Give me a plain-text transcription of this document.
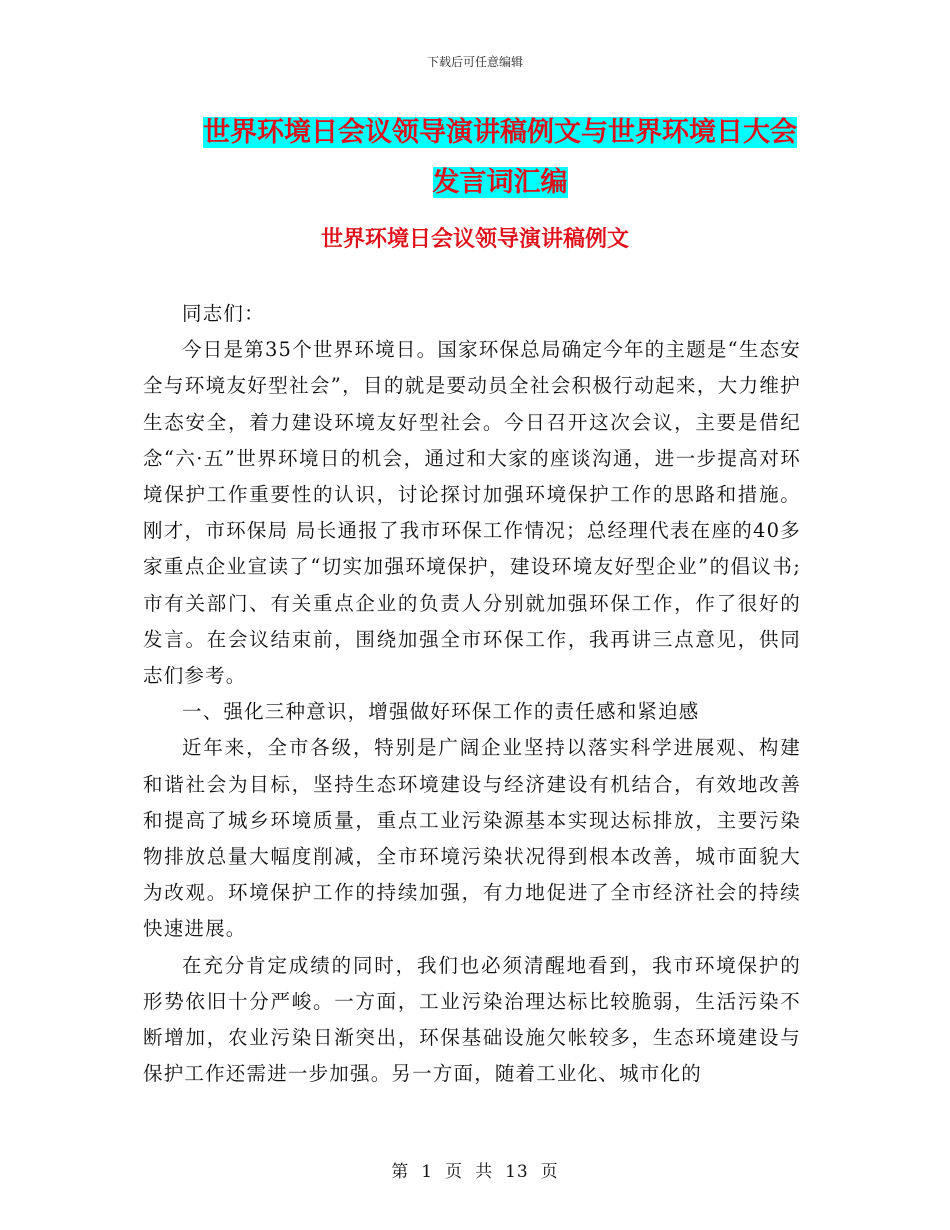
下载后可任意编辑
世界环境日会议领导演讲稿例文与世界环境日大会发言词汇编
世界环境日会议领导演讲稿例文

同志们：

今日是第35个世界环境日。国家环保总局确定今年的主题是“生态安全与环境友好型社会”，目的就是要动员全社会积极行动起来，大力维护生态安全，着力建设环境友好型社会。今日召开这次会议，主要是借纪念“六·五”世界环境日的机会，通过和大家的座谈沟通，进一步提高对环境保护工作重要性的认识，讨论探讨加强环境保护工作的思路和措施。刚才，市环保局 局长通报了我市环保工作情况；总经理代表在座的40多家重点企业宣读了“切实加强环境保护，建设环境友好型企业”的倡议书;市有关部门、有关重点企业的负责人分别就加强环保工作，作了很好的发言。在会议结束前，围绕加强全市环保工作，我再讲三点意见，供同志们参考。

一、强化三种意识，增强做好环保工作的责任感和紧迫感

近年来，全市各级，特别是广阔企业坚持以落实科学进展观、构建和谐社会为目标，坚持生态环境建设与经济建设有机结合，有效地改善和提高了城乡环境质量，重点工业污染源基本实现达标排放，主要污染物排放总量大幅度削减，全市环境污染状况得到根本改善，城市面貌大为改观。环境保护工作的持续加强，有力地促进了全市经济社会的持续快速进展。

在充分肯定成绩的同时，我们也必须清醒地看到，我市环境保护的形势依旧十分严峻。一方面，工业污染治理达标比较脆弱，生活污染不断增加，农业污染日渐突出，环保基础设施欠帐较多，生态环境建设与保护工作还需进一步加强。另一方面，随着工业化、城市化的

第 1 页 共 13 页
